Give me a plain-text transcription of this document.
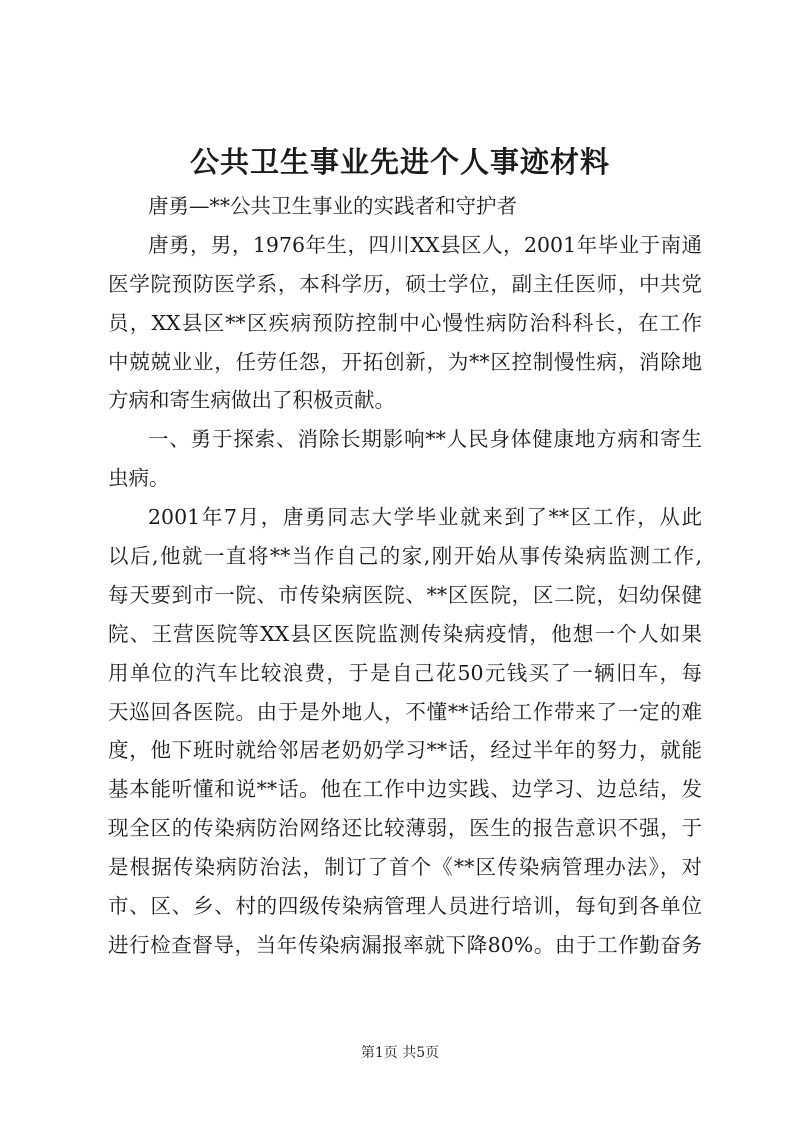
公共卫生事业先进个人事迹材料
唐勇—**公共卫生事业的实践者和守护者
唐勇，男，1976年生，四川XX县区人，2001年毕业于南通
医学院预防医学系，本科学历，硕士学位，副主任医师，中共党
员，XX县区**区疾病预防控制中心慢性病防治科科长，在工作
中兢兢业业，任劳任怨，开拓创新，为**区控制慢性病，消除地
方病和寄生病做出了积极贡献。
一、勇于探索、消除长期影响**人民身体健康地方病和寄生
虫病。
2001年7月，唐勇同志大学毕业就来到了**区工作，从此
以后,他就一直将**当作自己的家,刚开始从事传染病监测工作,
每天要到市一院、市传染病医院、**区医院，区二院，妇幼保健
院、王营医院等XX县区医院监测传染病疫情，他想一个人如果
用单位的汽车比较浪费，于是自己花50元钱买了一辆旧车，每
天巡回各医院。由于是外地人，不懂**话给工作带来了一定的难
度，他下班时就给邻居老奶奶学习**话，经过半年的努力，就能
基本能听懂和说**话。他在工作中边实践、边学习、边总结，发
现全区的传染病防治网络还比较薄弱，医生的报告意识不强，于
是根据传染病防治法，制订了首个《**区传染病管理办法》，对
市、区、乡、村的四级传染病管理人员进行培训，每旬到各单位
进行检查督导，当年传染病漏报率就下降80%。由于工作勤奋务
第1页 共5页
